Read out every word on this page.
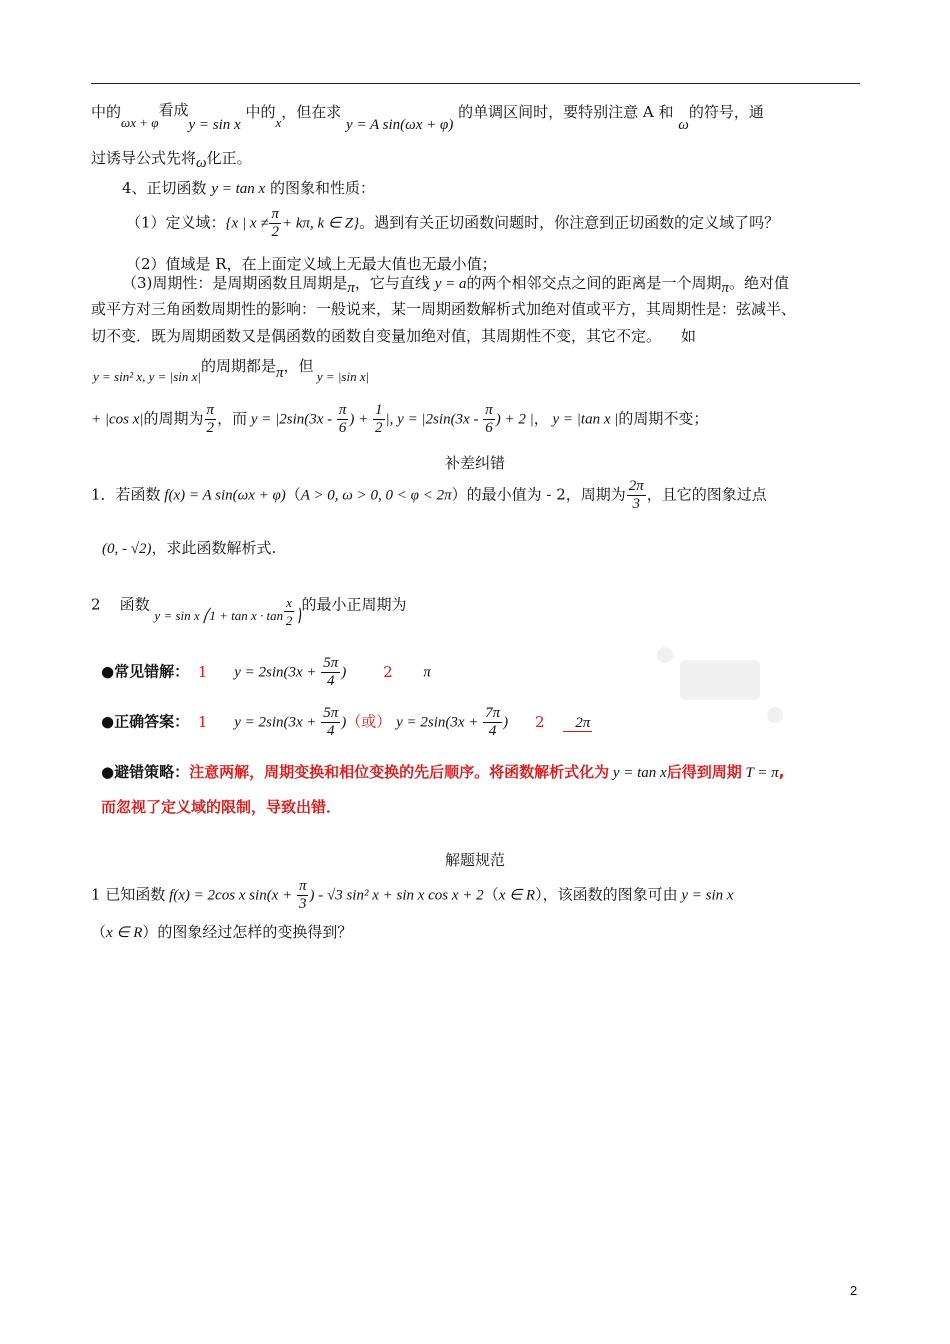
中的ωx + φ看成y = sin x 中的x，但在求 y = A sin(ωx + φ) 的单调区间时，要特别注意 A 和 ω的符号，通
过诱导公式先将ω化正。
4、正切函数 y = tan x 的图象和性质：
（1）定义域：{x | $x \ne \frac{\pi}{2} + k\pi$, k ∈ Z}。遇到有关正切函数问题时，你注意到正切函数的定义域了吗？
（2）值域是 R，在上面定义域上无最大值也无最小值；
（3)周期性：是周期函数且周期是π，它与直线 y = a的两个相邻交点之间的距离是一个周期π。绝对值
或平方对三角函数周期性的影响：一般说来，某一周期函数解析式加绝对值或平方，其周期性是：弦减半、
切不变．既为周期函数又是偶函数的函数自变量加绝对值，其周期性不变，其它不定。 如
y = sin² x, y = |sin x|的周期都是π，但 y = |sin x|
+ |cos x|的周期为 $\frac{\pi}{2}$ ，而 $y = |2\sin(3x - \frac{\pi}{6}$ ) + $\frac{1}{2}$ |, $y = |2\sin(3x - \frac{\pi}{6}$ ) + 2 |， y = |tan x |的周期不变；
补差纠错
1．若函数 f(x) = A sin(ωx + φ)（A > 0, ω > 0, 0 < φ < 2π）的最小值为 - 2，周期为 $\frac{2\pi}{3}$ ，且它的图象过点
(0, - √2)，求此函数解析式.
2 函数 y = sin x ⎛1 + $\tan x \cdot \tan \frac{x}{2}$ ⎞的最小正周期为
●常见错解： 1 $y = 2\sin(3x + \frac{5\pi}{4}$ ) 2 π
●正确答案： 1 $y = 2\sin(3x + \frac{5\pi}{4}$ )（或） $y = 2\sin(3x + \frac{7\pi}{4}$ ) 2 2π
●避错策略：注意两解，周期变换和相位变换的先后顺序。将函数解析式化为 y = tan x后得到周期 T = π,
而忽视了定义域的限制，导致出错．
解题规范
1 已知函数 f(x) = 2cos x $\sin(x + \frac{\pi}{3}$ ) - √3 sin² x + sin x cos x + 2（x ∈ R），该函数的图象可由 y = sin x
（x ∈ R）的图象经过怎样的变换得到？
2
